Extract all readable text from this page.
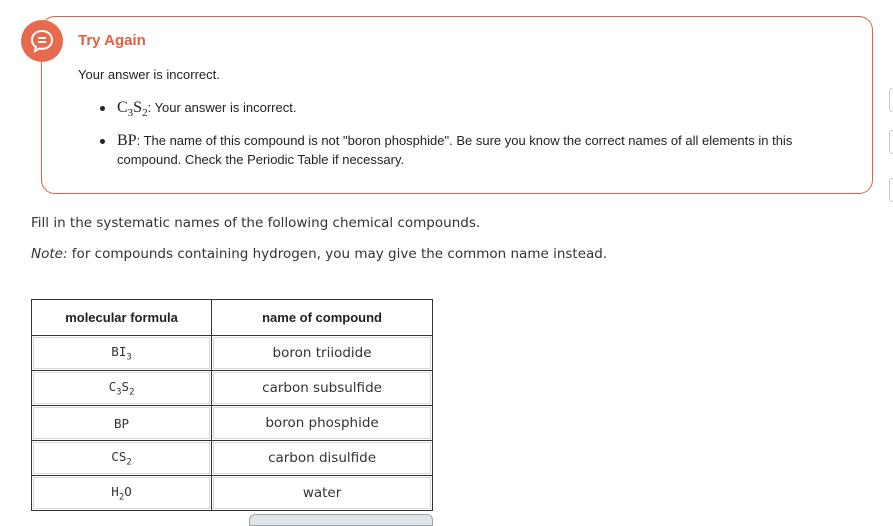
Try Again
Your answer is incorrect.
$C_3S_2$: Your answer is incorrect.
BP: The name of this compound is not "boron phosphide". Be sure you know the correct names of all elements in this compound. Check the Periodic Table if necessary.
Fill in the systematic names of the following chemical compounds.
Note: for compounds containing hydrogen, you may give the common name instead.
molecular formula	name of compound

$BI_3$	boron triiodide

$C_3S_2$	carbon subsulfide

BP	boron phosphide

$CS_2$	carbon disulfide

$H_2O$	water
